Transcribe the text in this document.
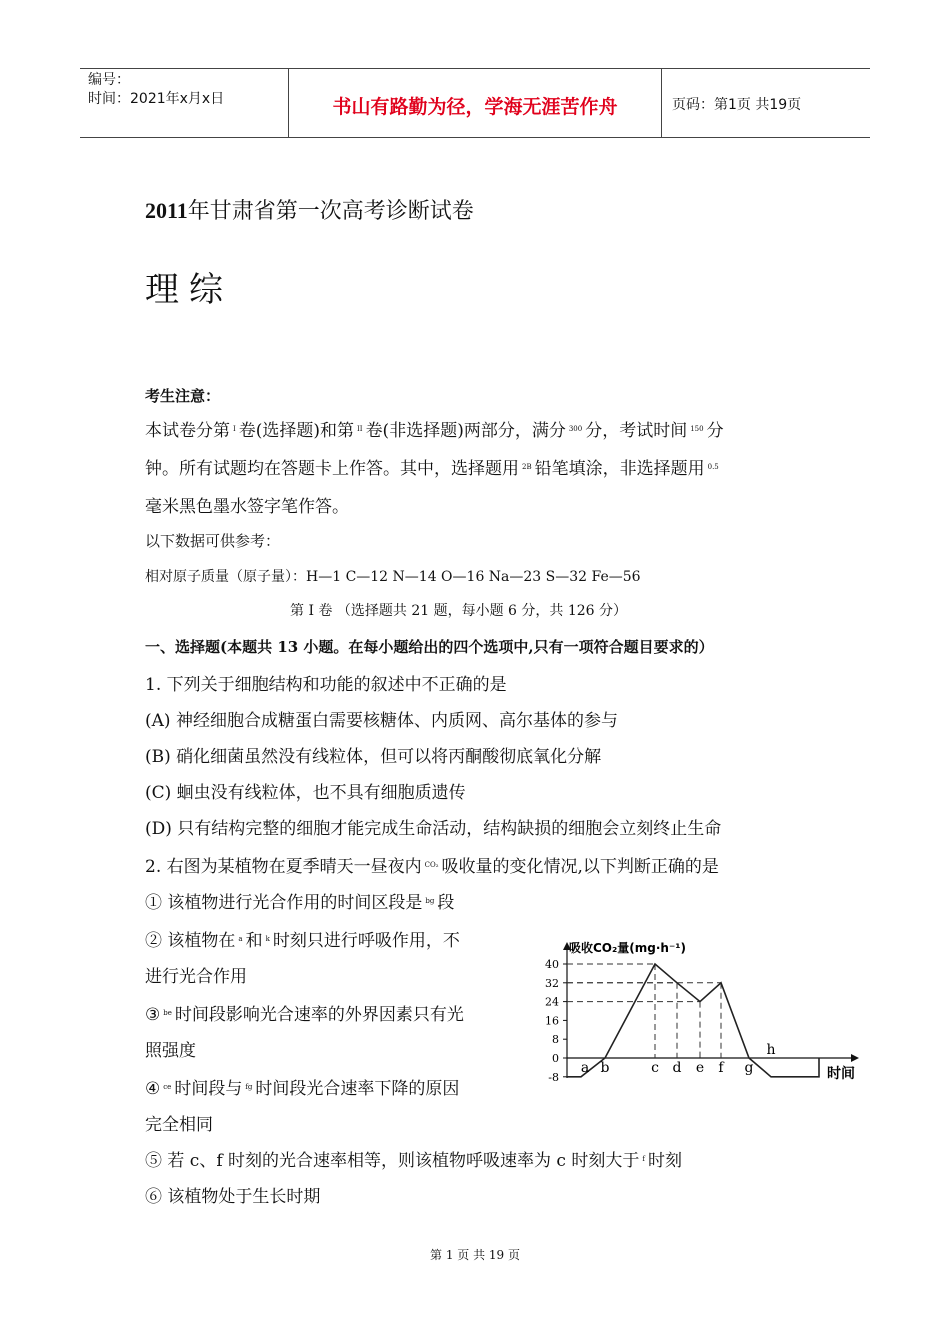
编号：
时间：2021年x月x日	书山有路勤为径，学海无涯苦作舟	页码：第1页 共19页
2011年甘肃省第一次高考诊断试卷
理综
考生注意：
本试卷分第 $^I$ 卷(选择题)和第 $^{II}$ 卷(非选择题)两部分，满分 $^{300}$ 分，考试时间 $^{150}$ 分
钟。所有试题均在答题卡上作答。其中，选择题用 $^{2B}$ 铅笔填涂，非选择题用 $^{0.5}$
毫米黑色墨水签字笔作答。
以下数据可供参考：
相对原子质量（原子量）：H—1 C—12 N—14 O—16 Na—23 S—32 Fe—56
第 I 卷 （选择题共 21 题，每小题 6 分，共 126 分）
一、选择题(本题共 13 小题。在每小题给出的四个选项中,只有一项符合题目要求的）
1. 下列关于细胞结构和功能的叙述中不正确的是
(A) 神经细胞合成糖蛋白需要核糖体、内质网、高尔基体的参与
(B) 硝化细菌虽然没有线粒体，但可以将丙酮酸彻底氧化分解
(C) 蛔虫没有线粒体，也不具有细胞质遗传
(D) 只有结构完整的细胞才能完成生命活动，结构缺损的细胞会立刻终止生命
2. 右图为某植物在夏季晴天一昼夜内 $^{CO_2}$ 吸收量的变化情况,以下判断正确的是
① 该植物进行光合作用的时间区段是 $^{bg}$ 段
② 该植物在 $^a$ 和 $^k$ 时刻只进行呼吸作用，不
进行光合作用
③ $^{be}$ 时间段影响光合速率的外界因素只有光
照强度
④ $^{ce}$ 时间段与 $^{fg}$ 时间段光合速率下降的原因
完全相同
⑤ 若 c、f 时刻的光合速率相等，则该植物呼吸速率为 c 时刻大于 $^f$ 时刻
⑥ 该植物处于生长时期
吸收CO₂量(mg·h⁻¹)
时间
40
32
24
16
8
0
-8
a b	c d e f g
h
第 1 页 共 19 页
